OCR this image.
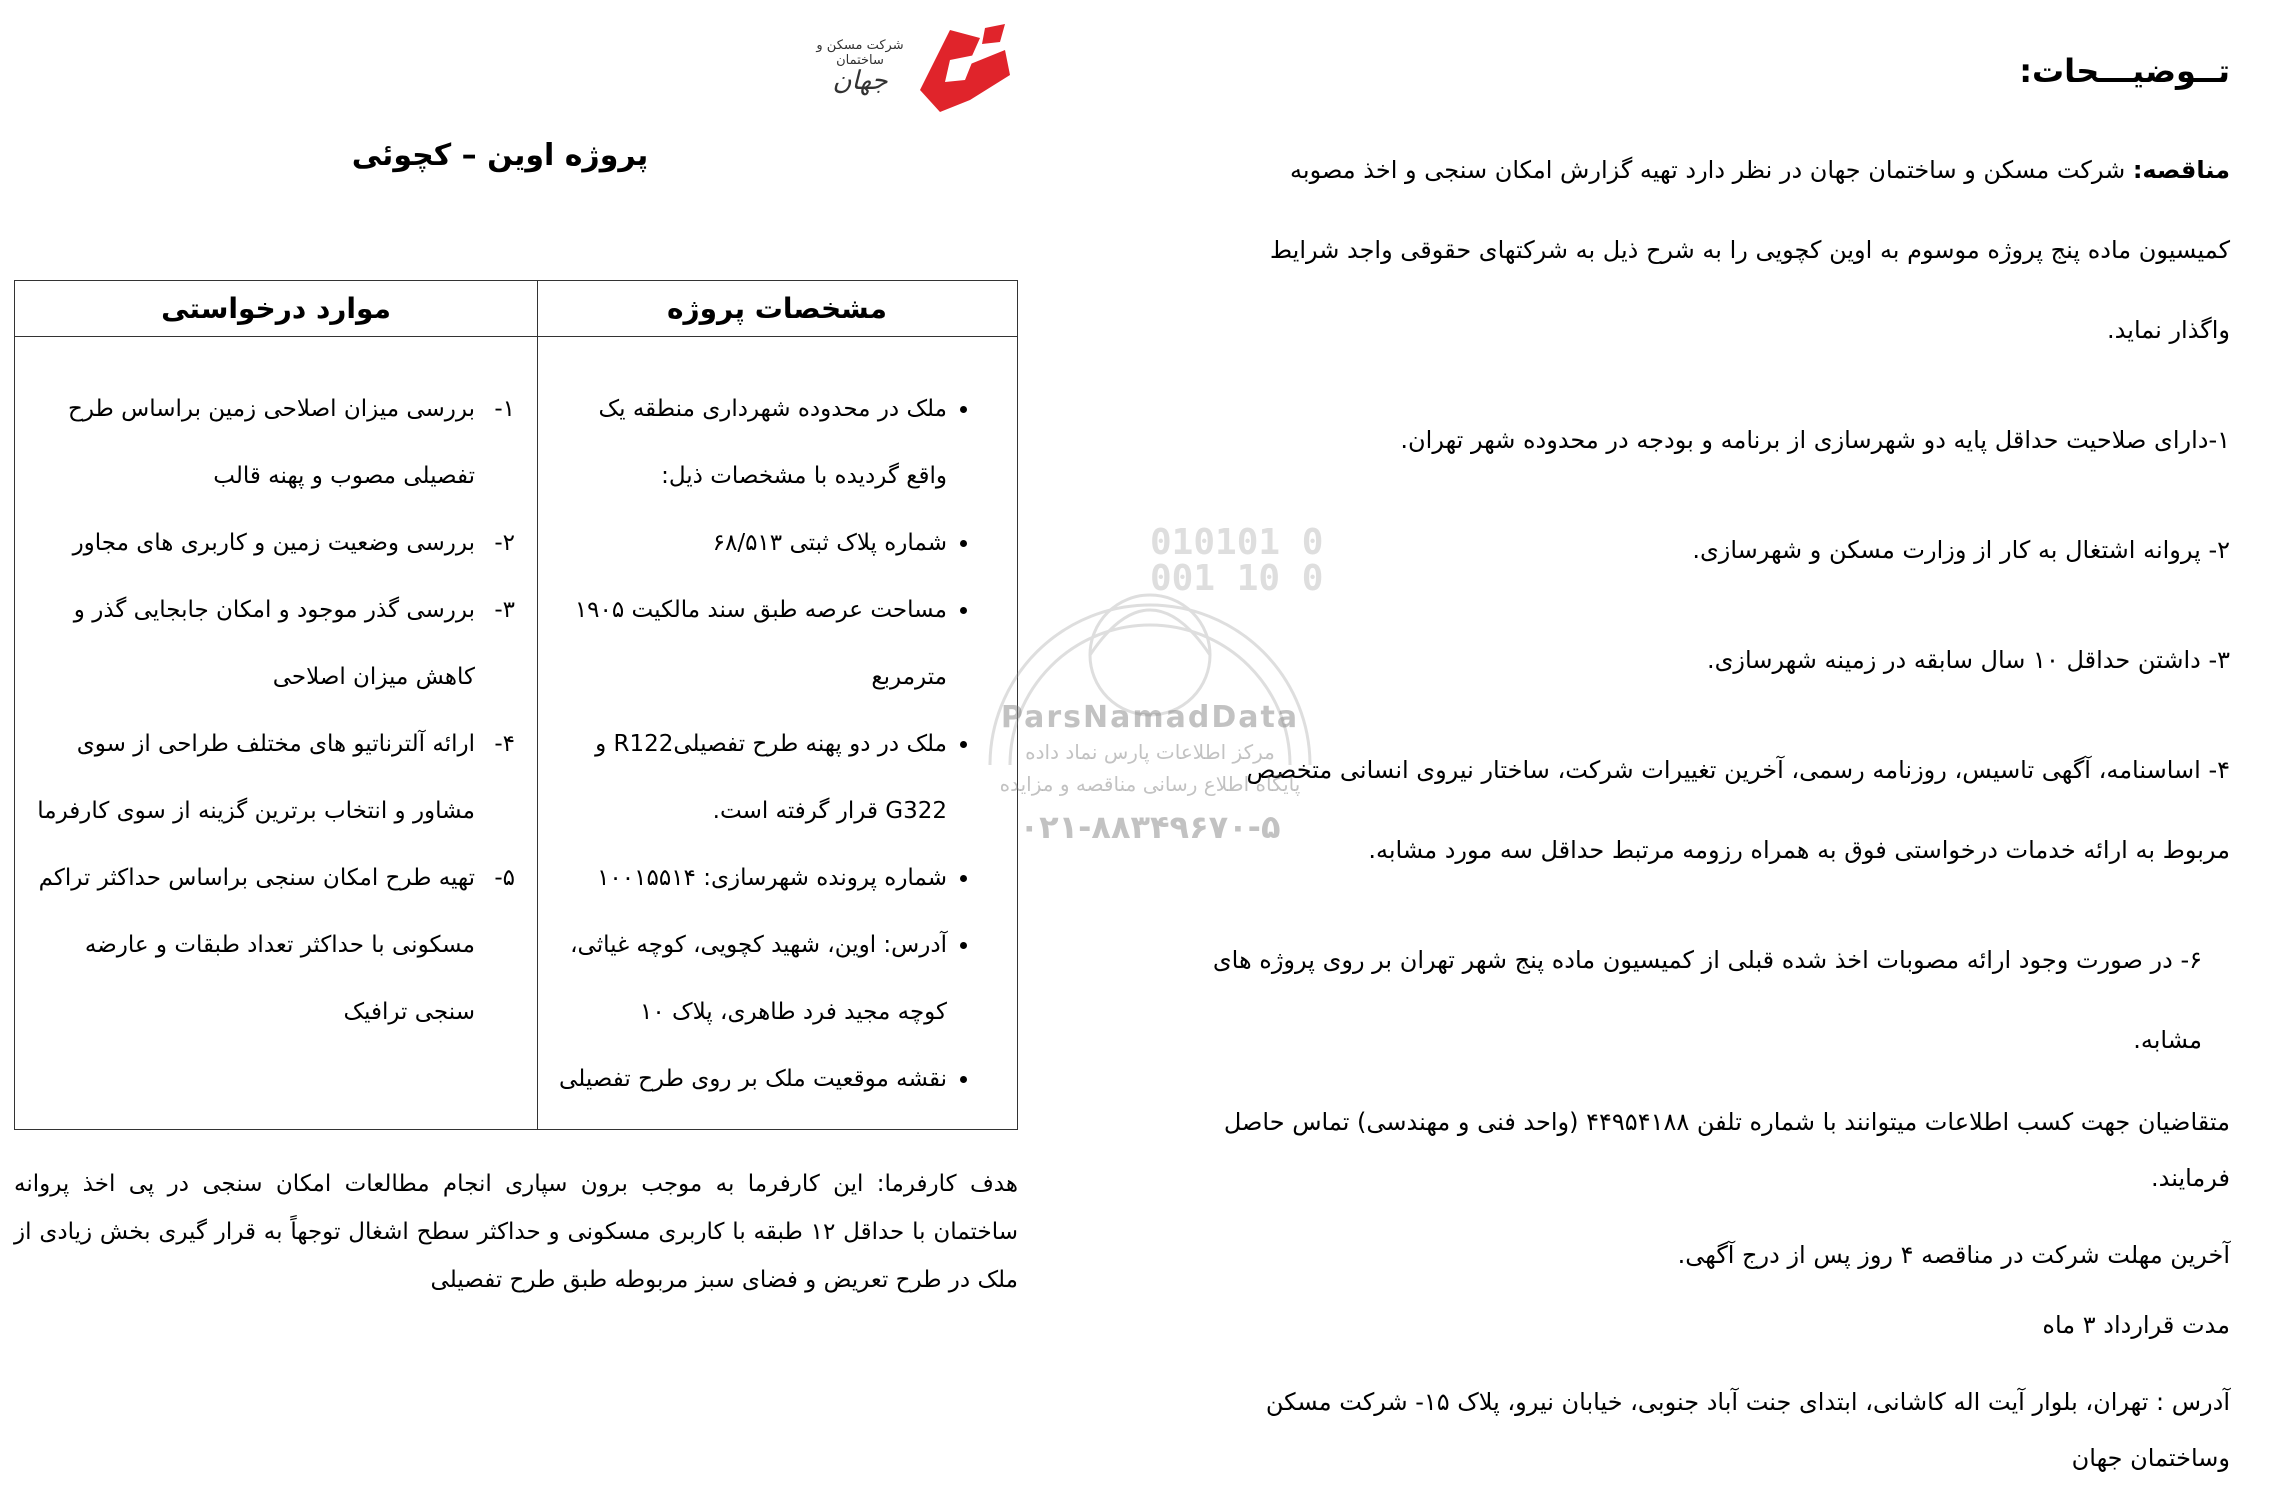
شرکت مسکن و ساختمان
جهان
پروژه اوین – کچوئی
تــوضیـــحات:

مناقصه: شرکت مسکن و ساختمان جهان در نظر دارد تهیه گزارش امکان سنجی و اخذ مصوبه کمیسیون ماده پنج پروژه موسوم به اوین کچویی را به شرح ذیل به شرکتهای حقوقی واجد شرایط واگذار نماید.

۱-دارای صلاحیت حداقل پایه دو شهرسازی از برنامه و بودجه در محدوده شهر تهران.

۲- پروانه اشتغال به کار از وزارت مسکن و شهرسازی.

۳- داشتن حداقل ۱۰ سال سابقه در زمینه شهرسازی.

۴- اساسنامه، آگهی تاسیس، روزنامه رسمی، آخرین تغییرات شرکت، ساختار نیروی انسانی متخصص مربوط به ارائه خدمات درخواستی فوق به همراه رزومه مرتبط حداقل سه مورد مشابه.

۶- در صورت وجود ارائه مصوبات اخذ شده قبلی از کمیسیون ماده پنج شهر تهران بر روی پروژه های مشابه.

متقاضیان جهت کسب اطلاعات میتوانند با شماره تلفن ۴۴۹۵۴۱۸۸ (واحد فنی و مهندسی) تماس حاصل فرمایند.

آخرین مهلت شرکت در مناقصه ۴ روز پس از درج آگهی.

مدت قرارداد ۳ ماه

آدرس : تهران، بلوار آیت اله کاشانی، ابتدای جنت آباد جنوبی، خیابان نیرو، پلاک ۱۵- شرکت مسکن وساختمان جهان

مشخصات پروژه
موارد درخواستی
• ملک در محدوده شهرداری منطقه یک واقع گردیده با مشخصات ذیل:
• شماره پلاک ثبتی ۶۸/۵۱۳
• مساحت عرصه طبق سند مالکیت ۱۹۰۵ مترمربع
• ملک در دو پهنه طرح تفصیلیR122 و G322 قرار گرفته است.
• شماره پرونده شهرسازی: ۱۰۰۱۵۵۱۴
• آدرس: اوین، شهید کچویی، کوچه غیاثی، کوچه مجید فرد طاهری، پلاک ۱۰
• نقشه موقعیت ملک بر روی طرح تفصیلی
۱-
بررسی میزان اصلاحی زمین براساس طرح تفصیلی مصوب و پهنه قالب
۲-
بررسی وضعیت زمین و کاربری های مجاور
۳-
بررسی گذر موجود و امکان جابجایی گذر و کاهش میزان اصلاحی
۴-
ارائه آلترناتیو های مختلف طراحی از سوی مشاور و انتخاب برترین گزینه از سوی کارفرما
۵-
تهیه طرح امکان سنجی براساس حداکثر تراکم مسکونی با حداکثر تعداد طبقات و عارضه سنجی ترافیک
هدف کارفرما: این کارفرما به موجب برون سپاری انجام مطالعات امکان سنجی در پی اخذ پروانه ساختمان با حداقل ۱۲ طبقه با کاربری مسکونی و حداکثر سطح اشغال توجهاً به قرار گیری بخش زیادی از ملک در طرح تعریض و فضای سبز مربوطه طبق طرح تفصیلی
010101 0001 10 0
ParsNamadData
مرکز اطلاعات پارس نماد داده
پایگاه اطلاع رسانی مناقصه و مزایده
۰۲۱-۸۸۳۴۹۶۷۰-۵
